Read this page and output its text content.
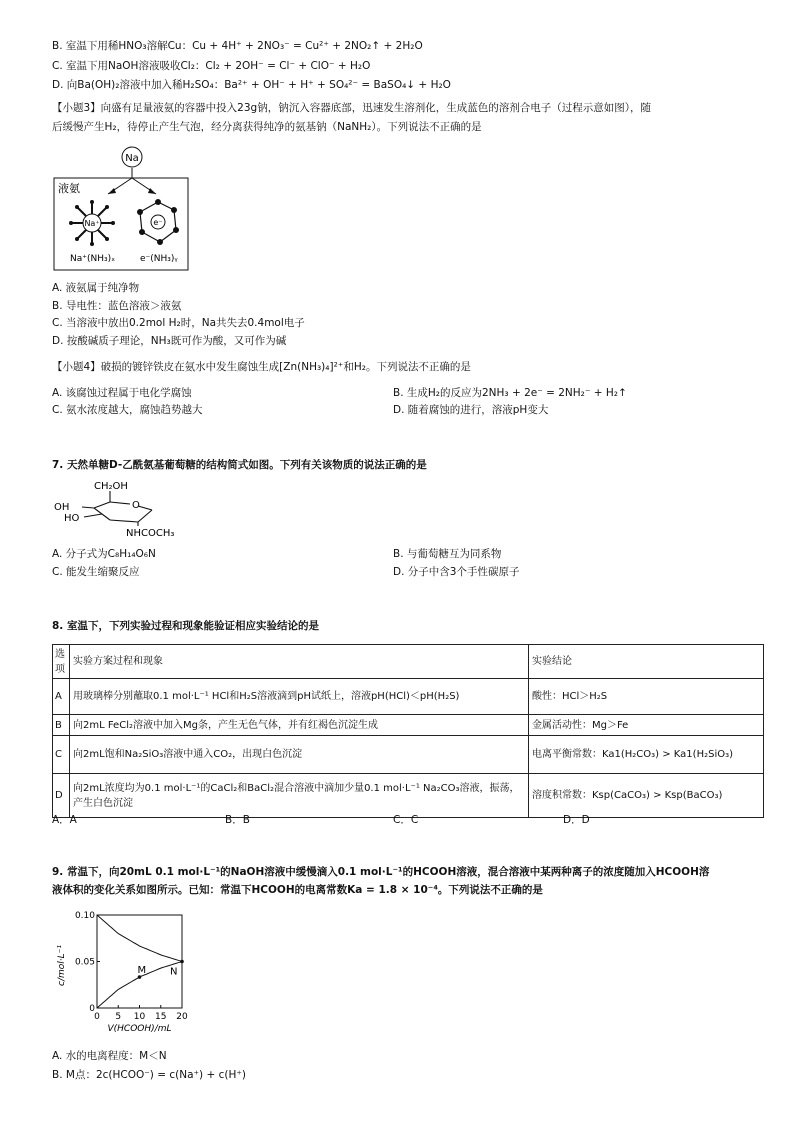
B. 室温下用稀HNO₃溶解Cu：Cu + 4H⁺ + 2NO₃⁻ = Cu²⁺ + 2NO₂↑ + 2H₂O
C. 室温下用NaOH溶液吸收Cl₂：Cl₂ + 2OH⁻ = Cl⁻ + ClO⁻ + H₂O
D. 向Ba(OH)₂溶液中加入稀H₂SO₄：Ba²⁺ + OH⁻ + H⁺ + SO₄²⁻ = BaSO₄↓ + H₂O
【小题3】向盛有足量液氨的容器中投入23g钠，钠沉入容器底部，迅速发生溶剂化，生成蓝色的溶剂合电子（过程示意如图），随
后缓慢产生H₂，待停止产生气泡，经分离获得纯净的氨基钠（NaNH₂）。下列说法不正确的是
Na
液氨
Na⁺	e⁻
Na⁺(NH₃)ₓ	e⁻(NH₃)ᵧ
A. 液氨属于纯净物
B. 导电性：蓝色溶液＞液氨
C. 当溶液中放出0.2mol H₂时，Na共失去0.4mol电子
D. 按酸碱质子理论，NH₃既可作为酸，又可作为碱
【小题4】破损的镀锌铁皮在氨水中发生腐蚀生成[Zn(NH₃)₄]²⁺和H₂。下列说法不正确的是
A. 该腐蚀过程属于电化学腐蚀	B. 生成H₂的反应为2NH₃ + 2e⁻ = 2NH₂⁻ + H₂↑
C. 氨水浓度越大，腐蚀趋势越大	D. 随着腐蚀的进行，溶液pH变大
7. 天然单糖D-乙酰氨基葡萄糖的结构简式如图。下列有关该物质的说法正确的是
CH₂OH
OH
HO
O
NHCOCH₃
A. 分子式为C₈H₁₄O₆N	B. 与葡萄糖互为同系物
C. 能发生缩聚反应	D. 分子中含3个手性碳原子
8. 室温下，下列实验过程和现象能验证相应实验结论的是
选项	实验方案过程和现象	实验结论
A	用玻璃棒分别蘸取0.1 mol·L⁻¹ HCl和H₂S溶液滴到pH试纸上，溶液pH(HCl)＜pH(H₂S)	酸性：HCl＞H₂S
B	向2mL FeCl₂溶液中加入Mg条，产生无色气体，并有红褐色沉淀生成	金属活动性：Mg＞Fe
C	向2mL饱和Na₂SiO₃溶液中通入CO₂，出现白色沉淀	电离平衡常数：Ka1(H₂CO₃) > Ka1(H₂SiO₃)
D	向2mL浓度均为0.1 mol·L⁻¹的CaCl₂和BaCl₂混合溶液中滴加少量0.1 mol·L⁻¹ Na₂CO₃溶液，振荡，产生白色沉淀	溶度积常数：Ksp(CaCO₃) > Ksp(BaCO₃)
A．A	B．B	C．C	D．D
9. 常温下，向20mL 0.1 mol·L⁻¹的NaOH溶液中缓慢滴入0.1 mol·L⁻¹的HCOOH溶液，混合溶液中某两种离子的浓度随加入HCOOH溶
液体积的变化关系如图所示。已知：常温下HCOOH的电离常数Ka = 1.8 × 10⁻⁴。下列说法不正确的是
0 5 10 15 20
0
0.05
0.10
M N
V(HCOOH)/mL
c/mol·L⁻¹
A. 水的电离程度：M＜N
B. M点：2c(HCOO⁻) = c(Na⁺) + c(H⁺)
